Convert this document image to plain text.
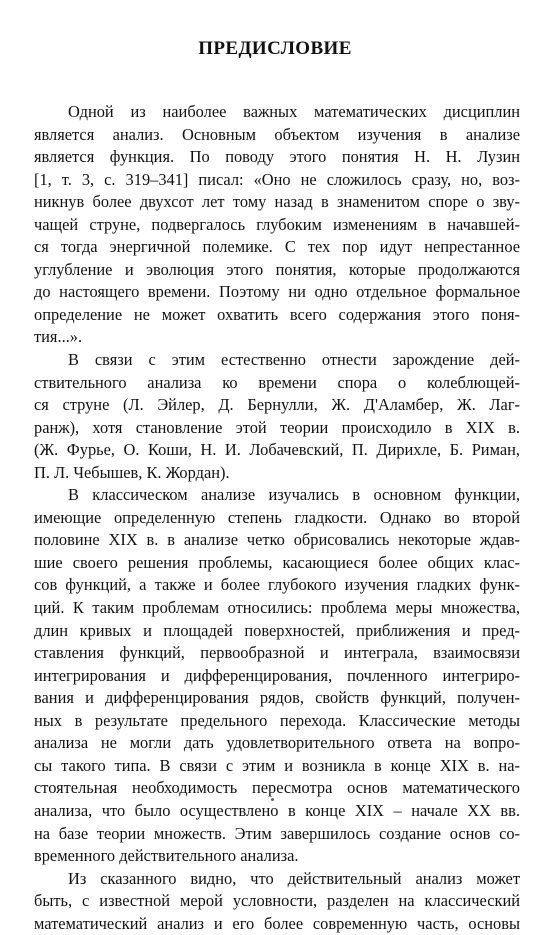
ПРЕДИСЛОВИЕ
Одной из наиболее важных математических дисциплин
является анализ. Основным объектом изучения в анализе
является функция. По поводу этого понятия Н. Н. Лузин
[1, т. 3, с. 319–341] писал: «Оно не сложилось сразу, но, воз-
никнув более двухсот лет тому назад в знаменитом споре о зву-
чащей струне, подвергалось глубоким изменениям в начавшей-
ся тогда энергичной полемике. С тех пор идут непрестанное
углубление и эволюция этого понятия, которые продолжаются
до настоящего времени. Поэтому ни одно отдельное формальное
определение не может охватить всего содержания этого поня-
тия...».
В связи с этим естественно отнести зарождение дей-
ствительного анализа ко времени спора о колеблющей-
ся струне (Л. Эйлер, Д. Бернулли, Ж. Д'Аламбер, Ж. Лаг-
ранж), хотя становление этой теории происходило в XIX в.
(Ж. Фурье, О. Коши, Н. И. Лобачевский, П. Дирихле, Б. Риман,
П. Л. Чебышев, К. Жордан).
В классическом анализе изучались в основном функции,
имеющие определенную степень гладкости. Однако во второй
половине XIX в. в анализе четко обрисовались некоторые ждав-
шие своего решения проблемы, касающиеся более общих клас-
сов функций, а также и более глубокого изучения гладких функ-
ций. К таким проблемам относились: проблема меры множества,
длин кривых и площадей поверхностей, приближения и пред-
ставления функций, первообразной и интеграла, взаимосвязи
интегрирования и дифференцирования, почленного интегриро-
вания и дифференцирования рядов, свойств функций, получен-
ных в результате предельного перехода. Классические методы
анализа не могли дать удовлетворительного ответа на вопро-
сы такого типа. В связи с этим и возникла в конце XIX в. на-
стоятельная необходимость пересмотра основ математического
анализа, что было осуществлено в конце XIX – начале XX вв.
на базе теории множеств. Этим завершилось создание основ со-
временного действительного анализа.
Из сказанного видно, что действительный анализ может
быть, с известной мерой условности, разделен на классический
математический анализ и его более современную часть, основы
